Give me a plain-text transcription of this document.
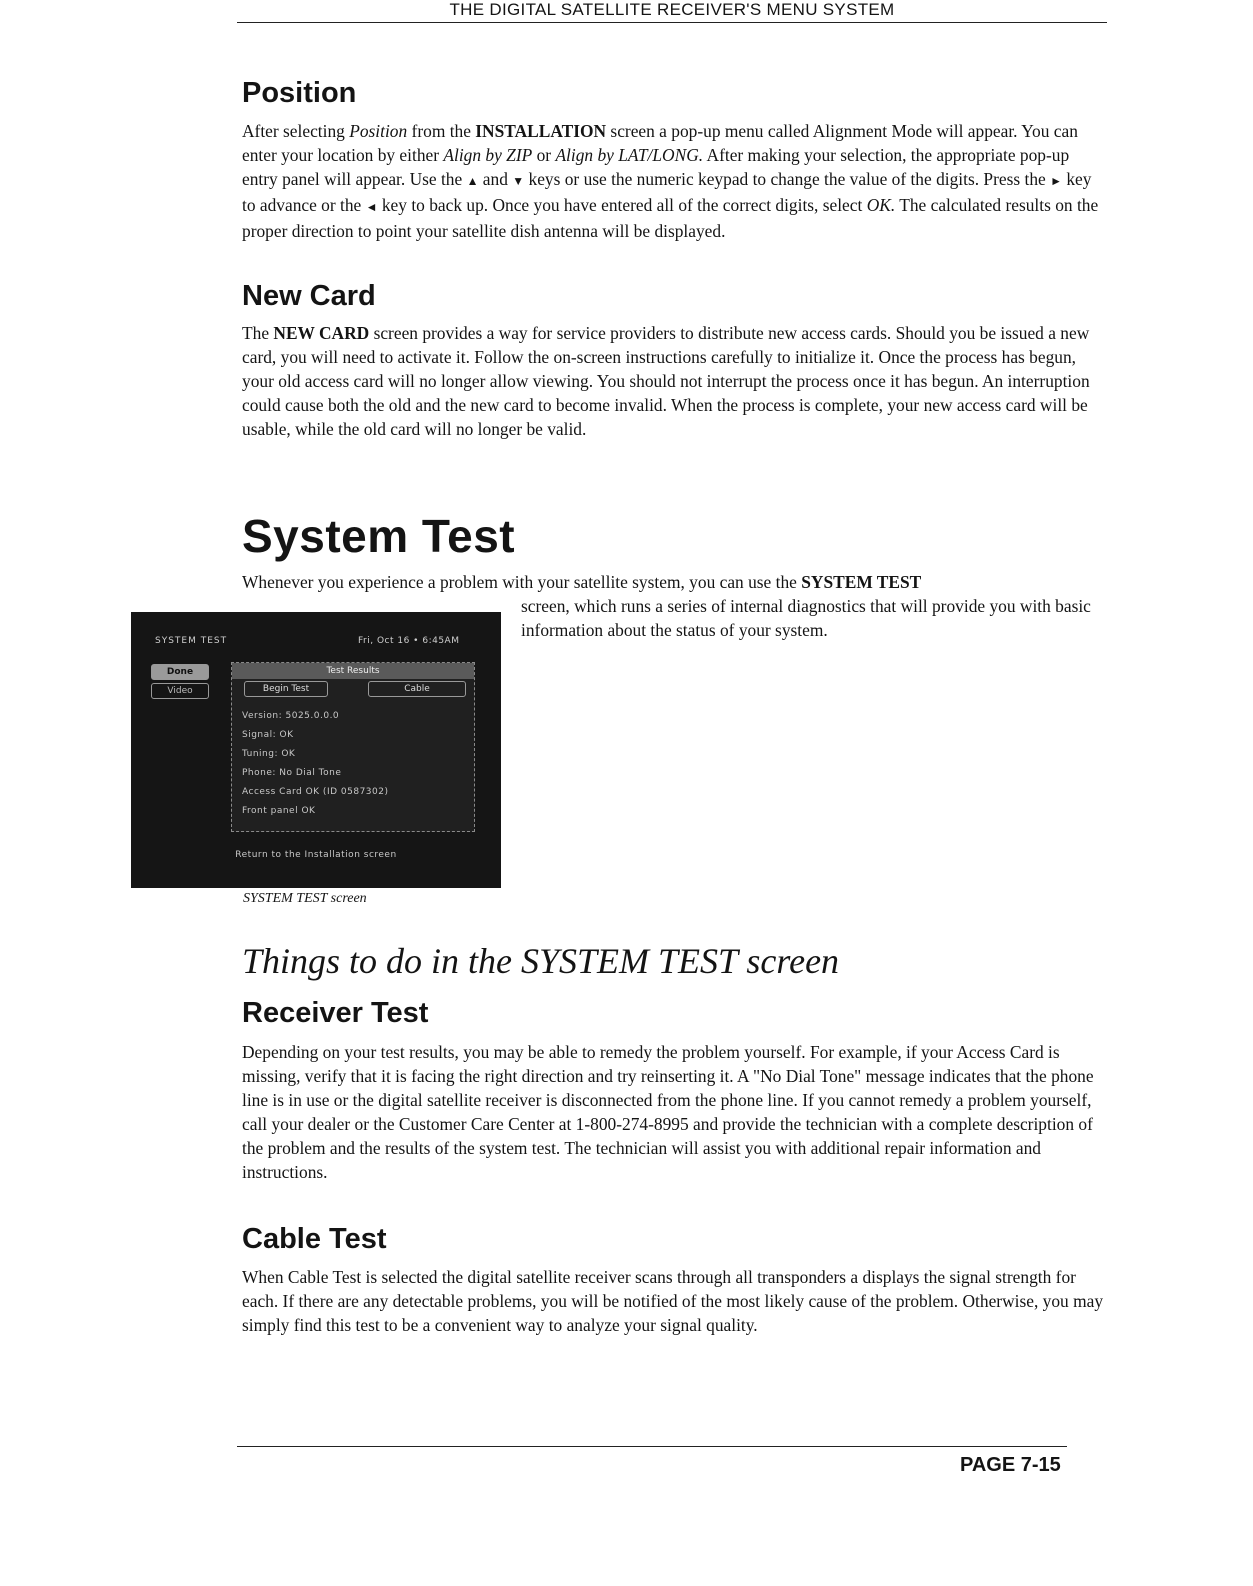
THE DIGITAL SATELLITE RECEIVER'S MENU SYSTEM
Position

After selecting Position from the INSTALLATION screen a pop-up menu called Alignment Mode will appear. You can enter your location by either Align by ZIP or Align by LAT/LONG. After making your selection, the appropriate pop-up entry panel will appear. Use the ▲ and ▼ keys or use the numeric keypad to change the value of the digits. Press the ► key to advance or the ◄ key to back up. Once you have entered all of the correct digits, select OK. The calculated results on the proper direction to point your satellite dish antenna will be displayed.

New Card

The NEW CARD screen provides a way for service providers to distribute new access cards. Should you be issued a new card, you will need to activate it. Follow the on-screen instructions carefully to initialize it. Once the process has begun, your old access card will no longer allow viewing. You should not interrupt the process once it has begun. An interruption could cause both the old and the new card to become invalid. When the process is complete, your new access card will be usable, while the old card will no longer be valid.

System Test

Whenever you experience a problem with your satellite system, you can use the SYSTEM TEST

screen, which runs a series of internal diagnostics that will provide you with basic information about the status of your system.

SYSTEM TEST	Fri, Oct 16 • 6:45AM
Done
Video
Test Results
Begin Test	Cable
Version: 5025.0.0.0
Signal: OK
Tuning: OK
Phone: No Dial Tone
Access Card OK (ID 0587302)
Front panel OK
Return to the Installation screen

SYSTEM TEST screen

Things to do in the SYSTEM TEST screen
Receiver Test

Depending on your test results, you may be able to remedy the problem yourself. For example, if your Access Card is missing, verify that it is facing the right direction and try reinserting it. A "No Dial Tone" message indicates that the phone line is in use or the digital satellite receiver is disconnected from the phone line. If you cannot remedy a problem yourself, call your dealer or the Customer Care Center at 1-800-274-8995 and provide the technician with a complete description of the problem and the results of the system test. The technician will assist you with additional repair information and instructions.

Cable Test

When Cable Test is selected the digital satellite receiver scans through all transponders a displays the signal strength for each. If there are any detectable problems, you will be notified of the most likely cause of the problem. Otherwise, you may simply find this test to be a convenient way to analyze your signal quality.

PAGE 7-15
